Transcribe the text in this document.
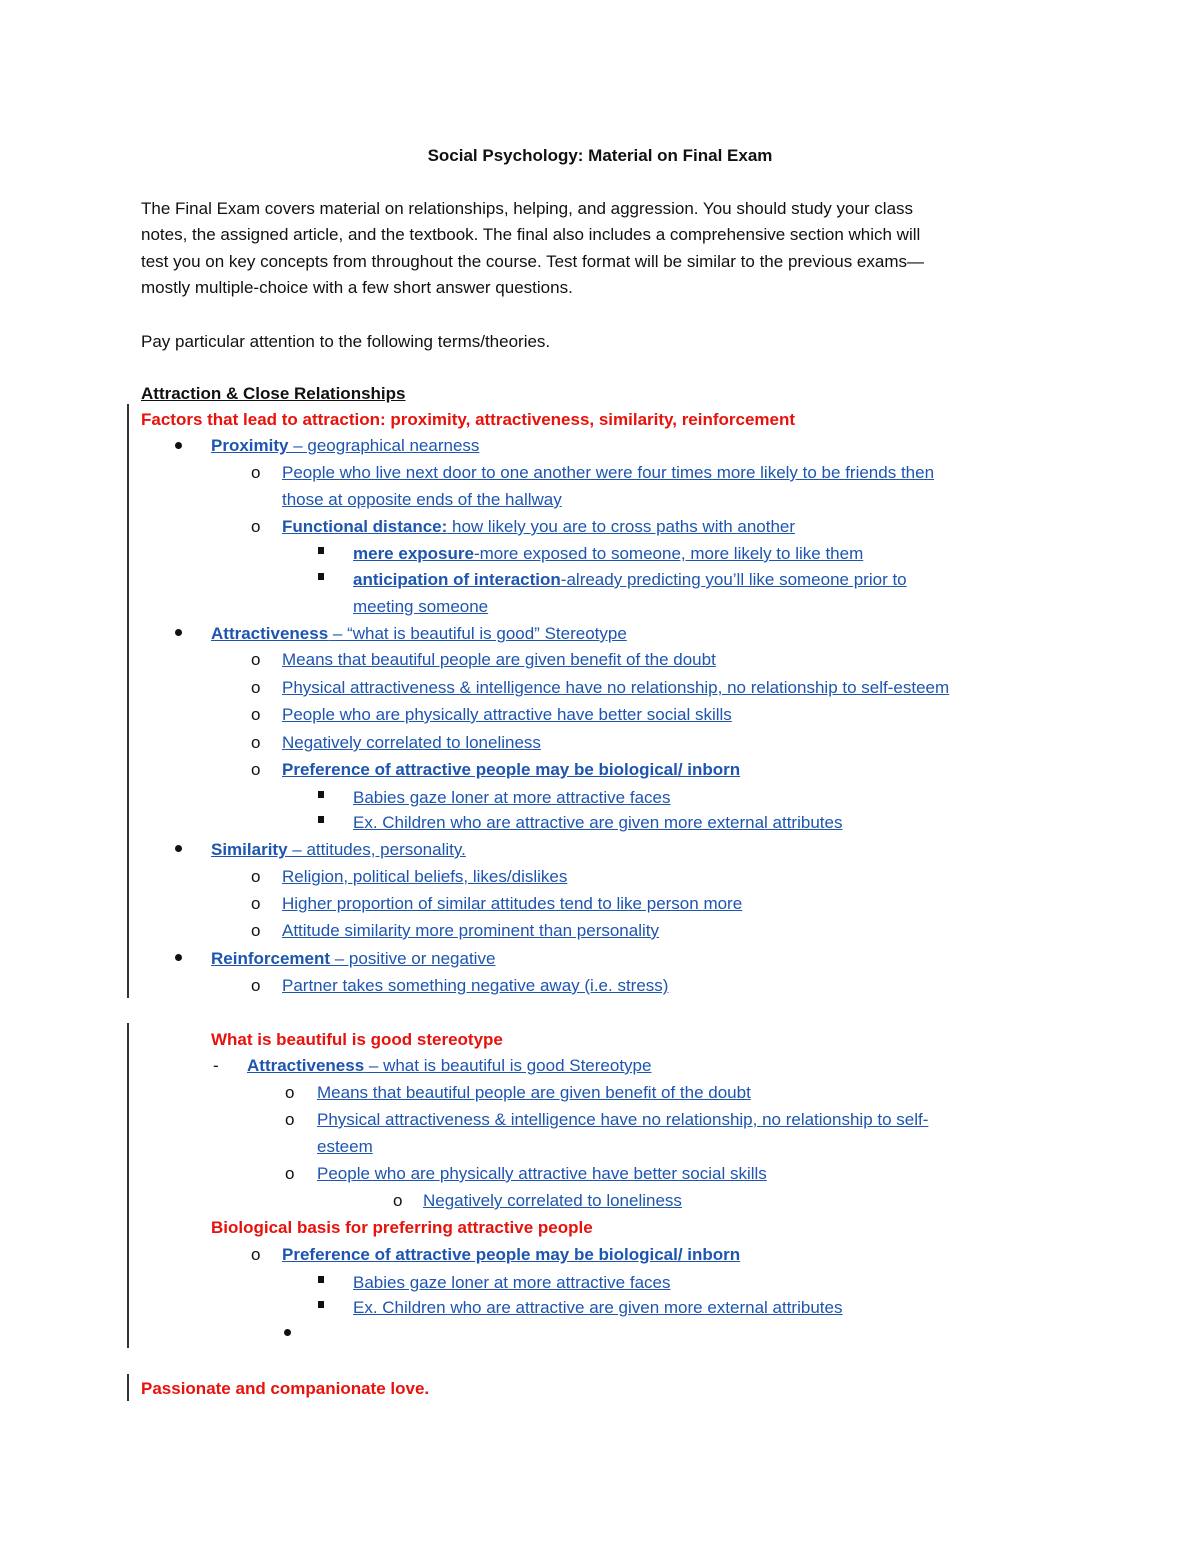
Social Psychology: Material on Final Exam
The Final Exam covers material on relationships, helping, and aggression. You should study your class
notes, the assigned article, and the textbook. The final also includes a comprehensive section which will
test you on key concepts from throughout the course. Test format will be similar to the previous exams—
mostly multiple-choice with a few short answer questions.
Pay particular attention to the following terms/theories.
Attraction & Close Relationships
Factors that lead to attraction: proximity, attractiveness, similarity, reinforcement
Proximity – geographical nearness
o People who live next door to one another were four times more likely to be friends then
those at opposite ends of the hallway
o Functional distance: how likely you are to cross paths with another
mere exposure-more exposed to someone, more likely to like them
anticipation of interaction-already predicting you’ll like someone prior to
meeting someone
Attractiveness – “what is beautiful is good” Stereotype
o Means that beautiful people are given benefit of the doubt
o Physical attractiveness & intelligence have no relationship, no relationship to self-esteem
o People who are physically attractive have better social skills
o Negatively correlated to loneliness
o Preference of attractive people may be biological/ inborn
Babies gaze loner at more attractive faces
Ex. Children who are attractive are given more external attributes
Similarity – attitudes, personality.
o Religion, political beliefs, likes/dislikes
o Higher proportion of similar attitudes tend to like person more
o Attitude similarity more prominent than personality
Reinforcement – positive or negative
o Partner takes something negative away (i.e. stress)
What is beautiful is good stereotype
- Attractiveness – what is beautiful is good Stereotype
o Means that beautiful people are given benefit of the doubt
o Physical attractiveness & intelligence have no relationship, no relationship to self-
esteem
o People who are physically attractive have better social skills
o Negatively correlated to loneliness
Biological basis for preferring attractive people
o Preference of attractive people may be biological/ inborn
Babies gaze loner at more attractive faces
Ex. Children who are attractive are given more external attributes
Passionate and companionate love.
